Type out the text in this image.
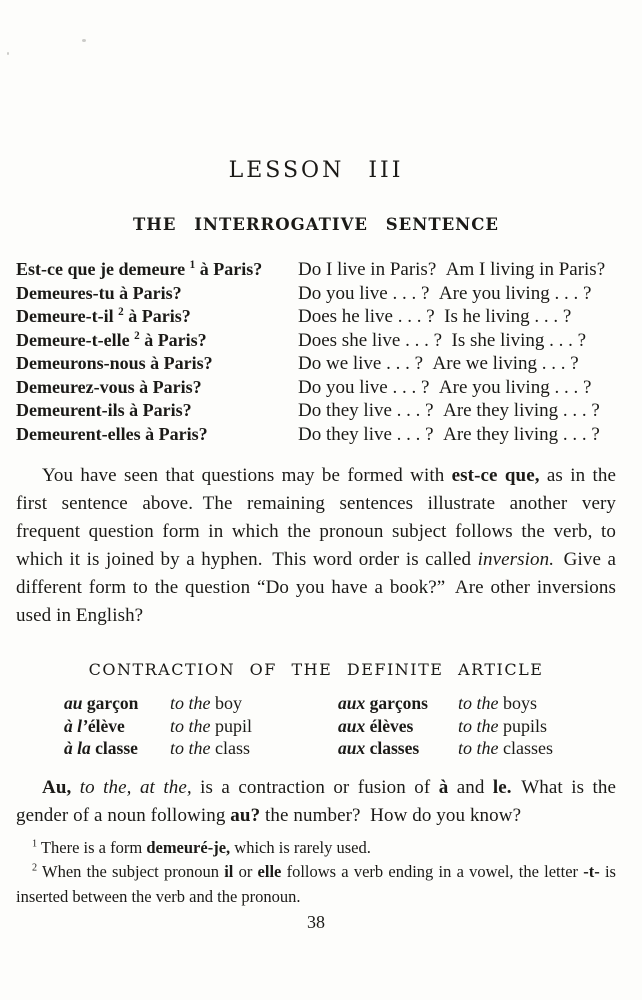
LESSON III
THE INTERROGATIVE SENTENCE
Est-ce que je demeure $^1$ à Paris?	Do I live in Paris? Am I living in Paris?
Demeures-tu à Paris?	Do you live . . . ? Are you living . . . ?
Demeure-t-il $^2$ à Paris?	Does he live . . . ? Is he living . . . ?
Demeure-t-elle $^2$ à Paris?	Does she live . . . ? Is she living . . . ?
Demeurons-nous à Paris?	Do we live . . . ? Are we living . . . ?
Demeurez-vous à Paris?	Do you live . . . ? Are you living . . . ?
Demeurent-ils à Paris?	Do they live . . . ? Are they living . . . ?
Demeurent-elles à Paris?	Do they live . . . ? Are they living . . . ?

You have seen that questions may be formed with est-ce que, as in the first sentence above. The remaining sentences illustrate another very frequent question form in which the pronoun subject follows the verb, to which it is joined by a hyphen. This word order is called inversion. Give a different form to the question “Do you have a book?” Are other inversions used in English?

CONTRACTION OF THE DEFINITE ARTICLE
au garçon	to the boy	aux garçons	to the boys
à l’élève	to the pupil	aux élèves	to the pupils
à la classe	to the class	aux classes	to the classes

Au, to the, at the, is a contraction or fusion of à and le. What is the gender of a noun following au? the number? How do you know?

$^1$ There is a form demeuré-je, which is rarely used.

$^2$ When the subject pronoun il or elle follows a verb ending in a vowel, the letter -t- is inserted between the verb and the pronoun.

38
